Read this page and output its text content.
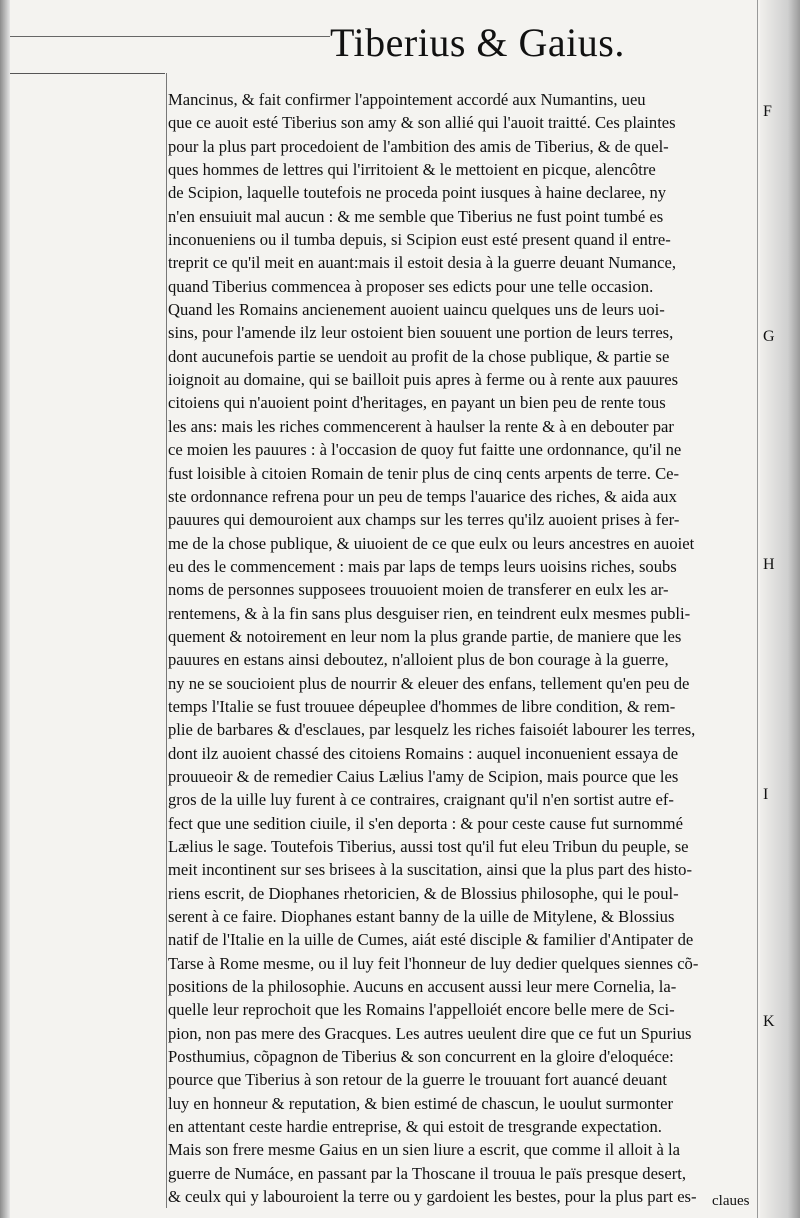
Tiberius & Gaius.
Mancinus, & fait confirmer l'appointement accordé aux Numantins, ueu
que ce auoit esté Tiberius son amy & son allié qui l'auoit traitté. Ces plaintes
pour la plus part procedoient de l'ambition des amis de Tiberius, & de quel-
ques hommes de lettres qui l'irritoient & le mettoient en picque, alencôtre
de Scipion, laquelle toutefois ne proceda point iusques à haine declaree, ny
n'en ensuiuit mal aucun : & me semble que Tiberius ne fust point tumbé es
inconueniens ou il tumba depuis, si Scipion eust esté present quand il entre-
treprit ce qu'il meit en auant:mais il estoit desia à la guerre deuant Numance,
quand Tiberius commencea à proposer ses edicts pour une telle occasion.
Quand les Romains ancienement auoient uaincu quelques uns de leurs uoi-
sins, pour l'amende ilz leur ostoient bien souuent une portion de leurs terres,
dont aucunefois partie se uendoit au profit de la chose publique, & partie se
ioignoit au domaine, qui se bailloit puis apres à ferme ou à rente aux pauures
citoiens qui n'auoient point d'heritages, en payant un bien peu de rente tous
les ans: mais les riches commencerent à haulser la rente & à en debouter par
ce moien les pauures : à l'occasion de quoy fut faitte une ordonnance, qu'il ne
fust loisible à citoien Romain de tenir plus de cinq cents arpents de terre. Ce-
ste ordonnance refrena pour un peu de temps l'auarice des riches, & aida aux
pauures qui demouroient aux champs sur les terres qu'ilz auoient prises à fer-
me de la chose publique, & uiuoient de ce que eulx ou leurs ancestres en auoiet
eu des le commencement : mais par laps de temps leurs uoisins riches, soubs
noms de personnes supposees trouuoient moien de transferer en eulx les ar-
rentemens, & à la fin sans plus desguiser rien, en teindrent eulx mesmes publi-
quement & notoirement en leur nom la plus grande partie, de maniere que les
pauures en estans ainsi deboutez, n'alloient plus de bon courage à la guerre,
ny ne se soucioient plus de nourrir & eleuer des enfans, tellement qu'en peu de
temps l'Italie se fust trouuee dépeuplee d'hommes de libre condition, & rem-
plie de barbares & d'esclaues, par lesquelz les riches faisoiét labourer les terres,
dont ilz auoient chassé des citoiens Romains : auquel inconuenient essaya de
prouueoir & de remedier Caius Lælius l'amy de Scipion, mais pource que les
gros de la uille luy furent à ce contraires, craignant qu'il n'en sortist autre ef-
fect que une sedition ciuile, il s'en deporta : & pour ceste cause fut surnommé
Lælius le sage. Toutefois Tiberius, aussi tost qu'il fut eleu Tribun du peuple, se
meit incontinent sur ses brisees à la suscitation, ainsi que la plus part des histo-
riens escrit, de Diophanes rhetoricien, & de Blossius philosophe, qui le poul-
serent à ce faire. Diophanes estant banny de la uille de Mitylene, & Blossius
natif de l'Italie en la uille de Cumes, aiát esté disciple & familier d'Antipater de
Tarse à Rome mesme, ou il luy feit l'honneur de luy dedier quelques siennes cõ-
positions de la philosophie. Aucuns en accusent aussi leur mere Cornelia, la-
quelle leur reprochoit que les Romains l'appelloiét encore belle mere de Sci-
pion, non pas mere des Gracques. Les autres ueulent dire que ce fut un Spurius
Posthumius, cõpagnon de Tiberius & son concurrent en la gloire d'eloquéce:
pource que Tiberius à son retour de la guerre le trouuant fort auancé deuant
luy en honneur & reputation, & bien estimé de chascun, le uoulut surmonter
en attentant ceste hardie entreprise, & qui estoit de tresgrande expectation.
Mais son frere mesme Gaius en un sien liure a escrit, que comme il alloit à la
guerre de Numáce, en passant par la Thoscane il trouua le païs presque desert,
& ceulx qui y labouroient la terre ou y gardoient les bestes, pour la plus part es-
F
G
H
I
K
claues
